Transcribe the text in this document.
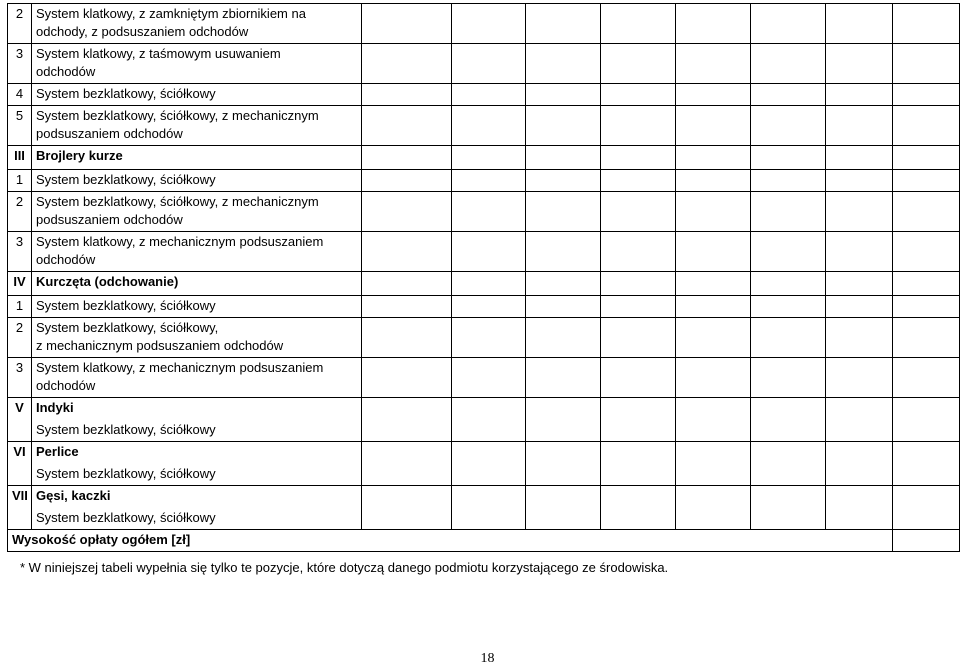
2	System klatkowy, z zamkniętym zbiornikiem na
odchody, z podsuszaniem odchodów								

3	System klatkowy, z taśmowym usuwaniem
odchodów								

4	System bezklatkowy, ściółkowy								

5	System bezklatkowy, ściółkowy, z mechanicznym
podsuszaniem odchodów								

III	Brojlery kurze								

1	System bezklatkowy, ściółkowy								

2	System bezklatkowy, ściółkowy, z mechanicznym
podsuszaniem odchodów								

3	System klatkowy, z mechanicznym podsuszaniem
odchodów								

IV	Kurczęta (odchowanie)								

1	System bezklatkowy, ściółkowy								

2	System bezklatkowy, ściółkowy,
z mechanicznym podsuszaniem odchodów								

3	System klatkowy, z mechanicznym podsuszaniem
odchodów								

V	Indyki
System bezklatkowy, ściółkowy								

VI	Perlice
System bezklatkowy, ściółkowy								

VII	Gęsi, kaczki
System bezklatkowy, ściółkowy								

Wysokość opłaty ogółem [zł]									
* W niniejszej tabeli wypełnia się tylko te pozycje, które dotyczą danego podmiotu korzystającego ze środowiska.
18
